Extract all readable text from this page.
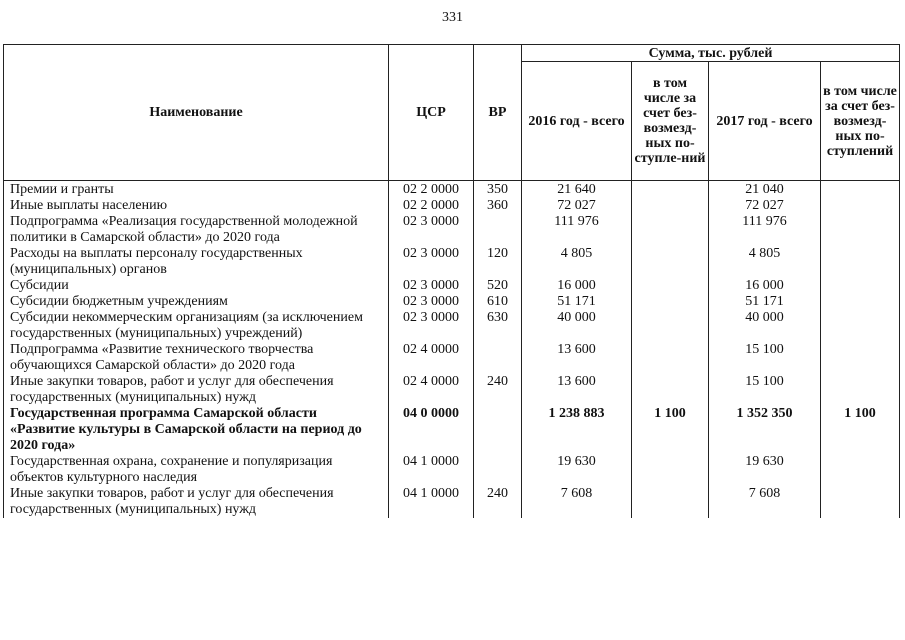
331
Наименование	ЦСР	ВР	Сумма, тыс. рублей			
			2016 год - всего	в том числе за счет без-возмезд-ных по-ступле-ний	2017 год - всего	в том числе за счет без-возмезд-ных по-ступлений
Премии и гранты	02 2 0000	350	21 640		21 040	
Иные выплаты населению	02 2 0000	360	72 027		72 027	
Подпрограмма «Реализация государственной молодежной политики в Самарской области» до 2020 года	02 3 0000		111 976		111 976	
Расходы на выплаты персоналу государственных (муниципальных) органов	02 3 0000	120	4 805		4 805	
Субсидии	02 3 0000	520	16 000		16 000	
Субсидии бюджетным учреждениям	02 3 0000	610	51 171		51 171	
Субсидии некоммерческим организациям (за исключением государственных (муниципальных) учреждений)	02 3 0000	630	40 000		40 000	
Подпрограмма «Развитие технического творчества обучающихся Самарской области» до 2020 года	02 4 0000		13 600		15 100	
Иные закупки товаров, работ и услуг для обеспечения государственных (муниципальных) нужд	02 4 0000	240	13 600		15 100	
Государственная программа Самарской области «Развитие культуры в Самарской области на период до 2020 года»	04 0 0000		1 238 883	1 100	1 352 350	1 100
Государственная охрана, сохранение и популяризация объектов культурного наследия	04 1 0000		19 630		19 630	
Иные закупки товаров, работ и услуг для обеспечения государственных (муниципальных) нужд	04 1 0000	240	7 608		7 608	
